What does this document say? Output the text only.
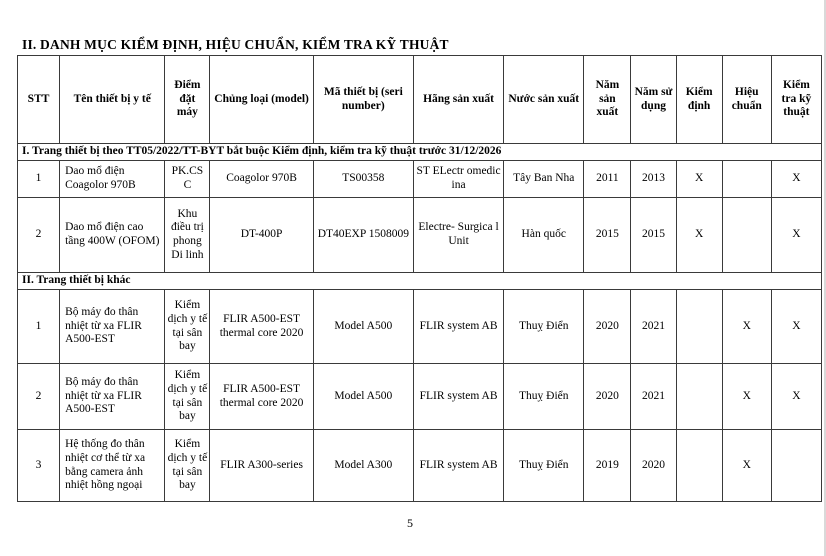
II. DANH MỤC KIỂM ĐỊNH, HIỆU CHUẨN, KIỂM TRA KỸ THUẬT
STT	Tên thiết bị y tế	Điểm đặt máy	Chủng loại (model)	Mã thiết bị (seri number)	Hãng sản xuất	Nước sản xuất	Năm sản xuất	Năm sử dụng	Kiểm định	Hiệu chuẩn	Kiểm tra kỹ thuật
I. Trang thiết bị theo TT05/2022/TT-BYT bắt buộc Kiểm định, kiểm tra kỹ thuật trước 31/12/2026											
1	Dao mổ điện Coagolor 970B	PK.CS C	Coagolor 970B	TS00358	ST ELectr omedic ina	Tây Ban Nha	2011	2013	X		X
2	Dao mổ điện cao tầng 400W (OFOM)	Khu điều trị phong Di linh	DT-400P	DT40EXP 1508009	Electre- Surgica l Unit	Hàn quốc	2015	2015	X		X
II. Trang thiết bị khác											
1	Bộ máy đo thân nhiệt từ xa FLIR A500-EST	Kiểm dịch y tế tại sân bay	FLIR A500-EST thermal core 2020	Model A500	FLIR system AB	Thuỵ Điển	2020	2021		X	X
2	Bộ máy đo thân nhiệt từ xa FLIR A500-EST	Kiểm dịch y tế tại sân bay	FLIR A500-EST thermal core 2020	Model A500	FLIR system AB	Thuỵ Điển	2020	2021		X	X
3	Hệ thống đo thân nhiệt cơ thể từ xa bằng camera ảnh nhiệt hồng ngoại	Kiểm dịch y tế tại sân bay	FLIR A300-series	Model A300	FLIR system AB	Thuỵ Điển	2019	2020		X	
5
